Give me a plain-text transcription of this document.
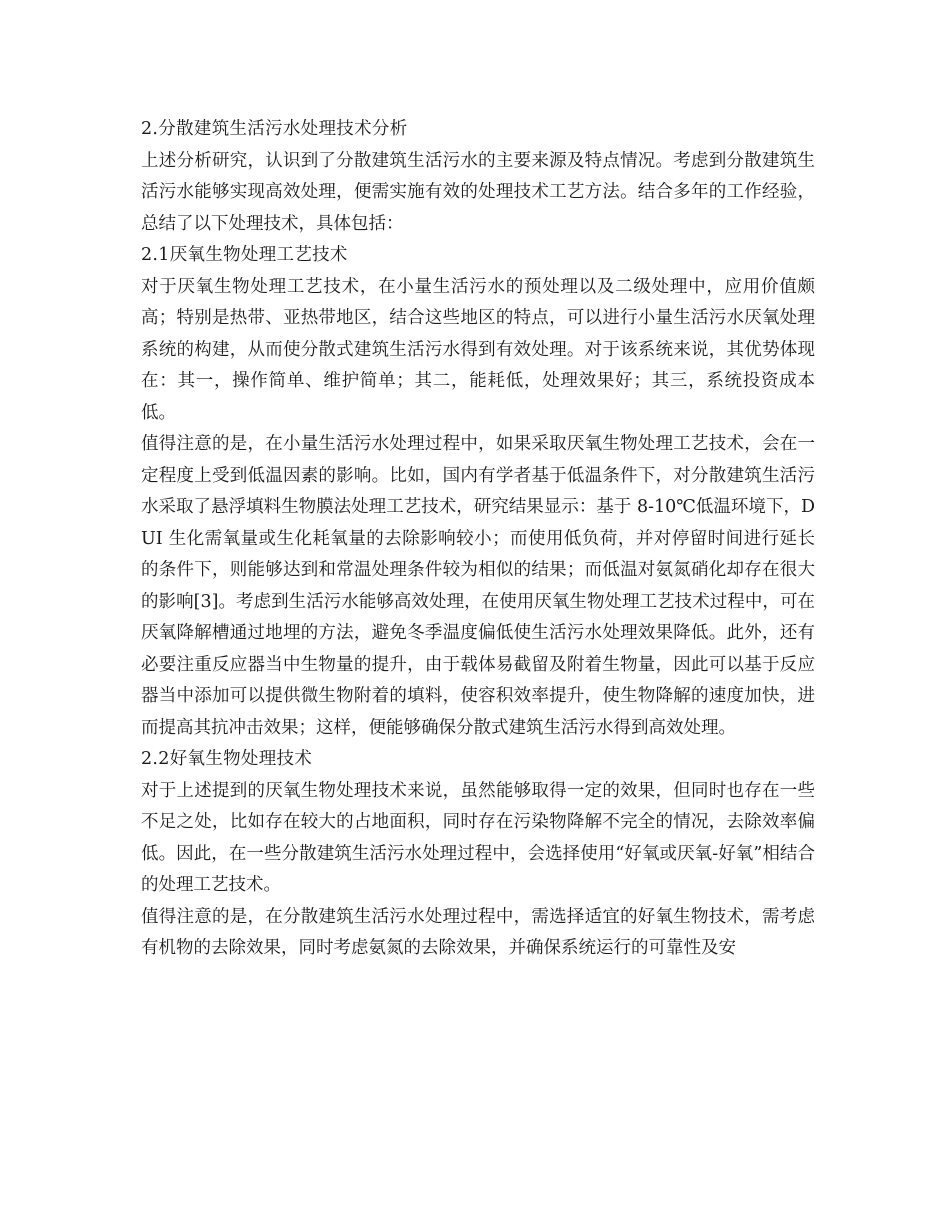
2.分散建筑生活污水处理技术分析

上述分析研究，认识到了分散建筑生活污水的主要来源及特点情况。考虑到分散建筑生活污水能够实现高效处理，便需实施有效的处理技术工艺方法。结合多年的工作经验，总结了以下处理技术，具体包括：

2.1厌氧生物处理工艺技术

对于厌氧生物处理工艺技术，在小量生活污水的预处理以及二级处理中，应用价值颇高；特别是热带、亚热带地区，结合这些地区的特点，可以进行小量生活污水厌氧处理系统的构建，从而使分散式建筑生活污水得到有效处理。对于该系统来说，其优势体现在：其一，操作简单、维护简单；其二，能耗低，处理效果好；其三，系统投资成本低。

值得注意的是，在小量生活污水处理过程中，如果采取厌氧生物处理工艺技术，会在一定程度上受到低温因素的影响。比如，国内有学者基于低温条件下，对分散建筑生活污水采取了悬浮填料生物膜法处理工艺技术，研究结果显示：基于 8-10℃低温环境下，DUI 生化需氧量或生化耗氧量的去除影响较小；而使用低负荷，并对停留时间进行延长的条件下，则能够达到和常温处理条件较为相似的结果；而低温对氨氮硝化却存在很大的影响[3]。考虑到生活污水能够高效处理，在使用厌氧生物处理工艺技术过程中，可在厌氧降解槽通过地埋的方法，避免冬季温度偏低使生活污水处理效果降低。此外，还有必要注重反应器当中生物量的提升，由于载体易截留及附着生物量，因此可以基于反应器当中添加可以提供微生物附着的填料，使容积效率提升，使生物降解的速度加快，进而提高其抗冲击效果；这样，便能够确保分散式建筑生活污水得到高效处理。

2.2好氧生物处理技术

对于上述提到的厌氧生物处理技术来说，虽然能够取得一定的效果，但同时也存在一些不足之处，比如存在较大的占地面积，同时存在污染物降解不完全的情况，去除效率偏低。因此，在一些分散建筑生活污水处理过程中，会选择使用“好氧或厌氧-好氧”相结合的处理工艺技术。

值得注意的是，在分散建筑生活污水处理过程中，需选择适宜的好氧生物技术，需考虑有机物的去除效果，同时考虑氨氮的去除效果，并确保系统运行的可靠性及安
